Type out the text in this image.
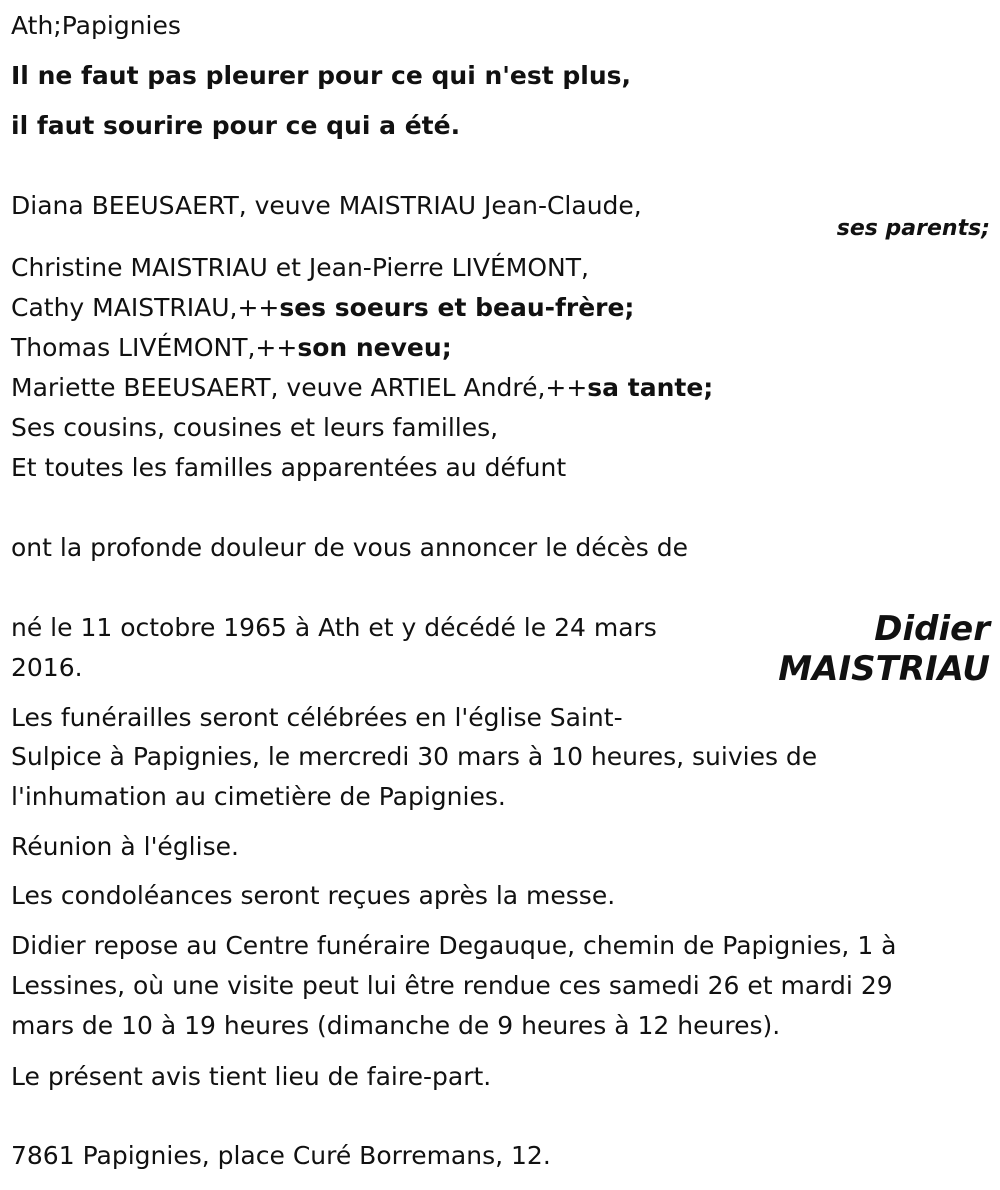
Ath;Papignies
Il ne faut pas pleurer pour ce qui n'est plus,
il faut sourire pour ce qui a été.
Diana BEEUSAERT, veuve MAISTRIAU Jean-Claude,
ses parents;
Christine MAISTRIAU et Jean-Pierre LIVÉMONT,
Cathy MAISTRIAU,++ses soeurs et beau-frère;
Thomas LIVÉMONT,++son neveu;
Mariette BEEUSAERT, veuve ARTIEL André,++sa tante;
Ses cousins, cousines et leurs familles,
Et toutes les familles apparentées au défunt
ont la profonde douleur de vous annoncer le décès de
né le 11 octobre 1965 à Ath et y décédé le 24 mars
2016.
Didier
MAISTRIAU
Les funérailles seront célébrées en l'église Saint-
Sulpice à Papignies, le mercredi 30 mars à 10 heures, suivies de
l'inhumation au cimetière de Papignies.
Réunion à l'église.
Les condoléances seront reçues après la messe.
Didier repose au Centre funéraire Degauque, chemin de Papignies, 1 à
Lessines, où une visite peut lui être rendue ces samedi 26 et mardi 29
mars de 10 à 19 heures (dimanche de 9 heures à 12 heures).
Le présent avis tient lieu de faire-part.
7861 Papignies, place Curé Borremans, 12.
